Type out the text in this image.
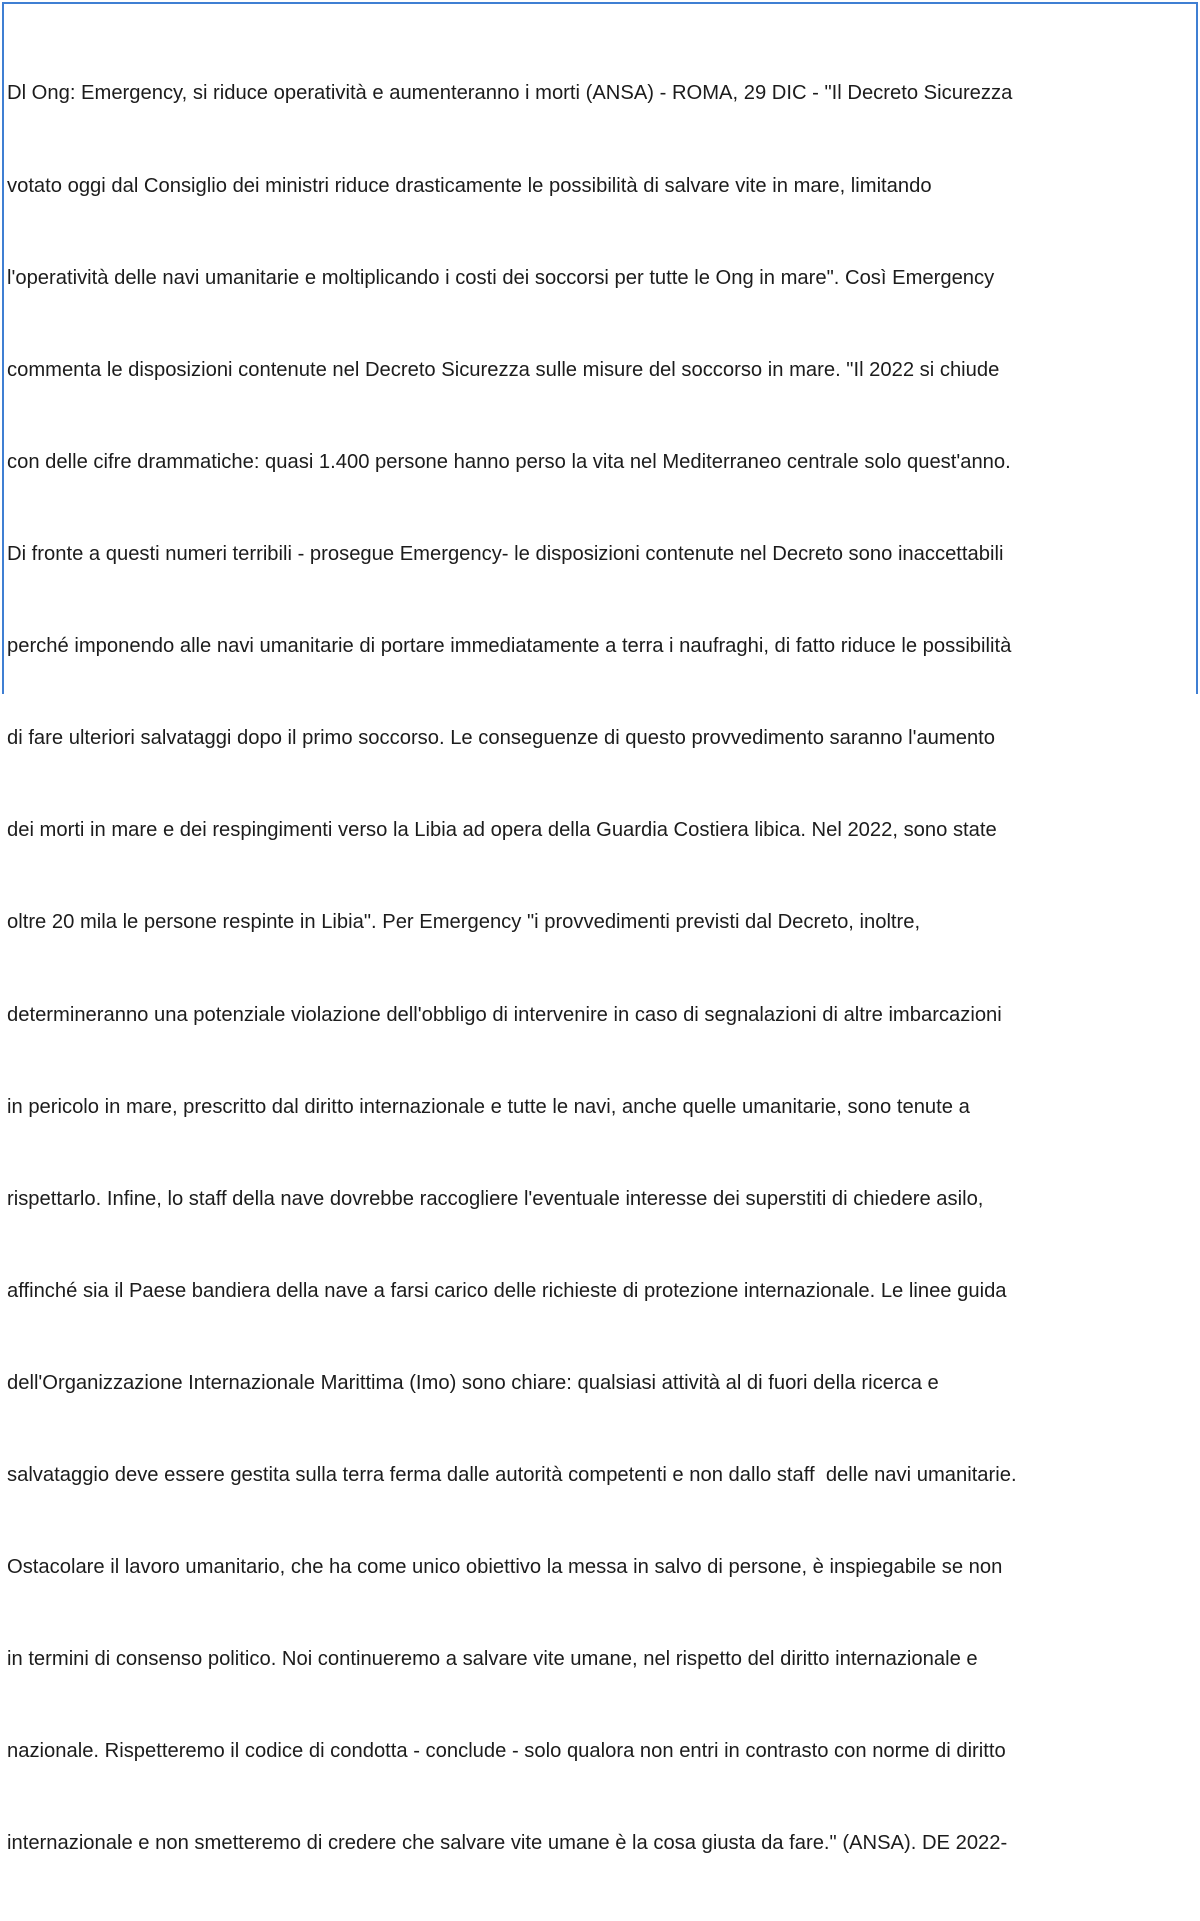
Dl Ong: Emergency, si riduce operatività e aumenteranno i morti (ANSA) - ROMA, 29 DIC - "Il Decreto Sicurezza

votato oggi dal Consiglio dei ministri riduce drasticamente le possibilità di salvare vite in mare, limitando

l'operatività delle navi umanitarie e moltiplicando i costi dei soccorsi per tutte le Ong in mare". Così Emergency

commenta le disposizioni contenute nel Decreto Sicurezza sulle misure del soccorso in mare. "Il 2022 si chiude

con delle cifre drammatiche: quasi 1.400 persone hanno perso la vita nel Mediterraneo centrale solo quest'anno.

Di fronte a questi numeri terribili - prosegue Emergency- le disposizioni contenute nel Decreto sono inaccettabili

perché imponendo alle navi umanitarie di portare immediatamente a terra i naufraghi, di fatto riduce le possibilità

di fare ulteriori salvataggi dopo il primo soccorso. Le conseguenze di questo provvedimento saranno l'aumento

dei morti in mare e dei respingimenti verso la Libia ad opera della Guardia Costiera libica. Nel 2022, sono state

oltre 20 mila le persone respinte in Libia". Per Emergency "i provvedimenti previsti dal Decreto, inoltre,

determineranno una potenziale violazione dell'obbligo di intervenire in caso di segnalazioni di altre imbarcazioni

in pericolo in mare, prescritto dal diritto internazionale e tutte le navi, anche quelle umanitarie, sono tenute a

rispettarlo. Infine, lo staff della nave dovrebbe raccogliere l'eventuale interesse dei superstiti di chiedere asilo,

affinché sia il Paese bandiera della nave a farsi carico delle richieste di protezione internazionale. Le linee guida

dell'Organizzazione Internazionale Marittima (Imo) sono chiare: qualsiasi attività al di fuori della ricerca e

salvataggio deve essere gestita sulla terra ferma dalle autorità competenti e non dallo staff  delle navi umanitarie.

Ostacolare il lavoro umanitario, che ha come unico obiettivo la messa in salvo di persone, è inspiegabile se non

in termini di consenso politico. Noi continueremo a salvare vite umane, nel rispetto del diritto internazionale e

nazionale. Rispetteremo il codice di condotta - conclude - solo qualora non entri in contrasto con norme di diritto

internazionale e non smetteremo di credere che salvare vite umane è la cosa giusta da fare." (ANSA). DE 2022-
